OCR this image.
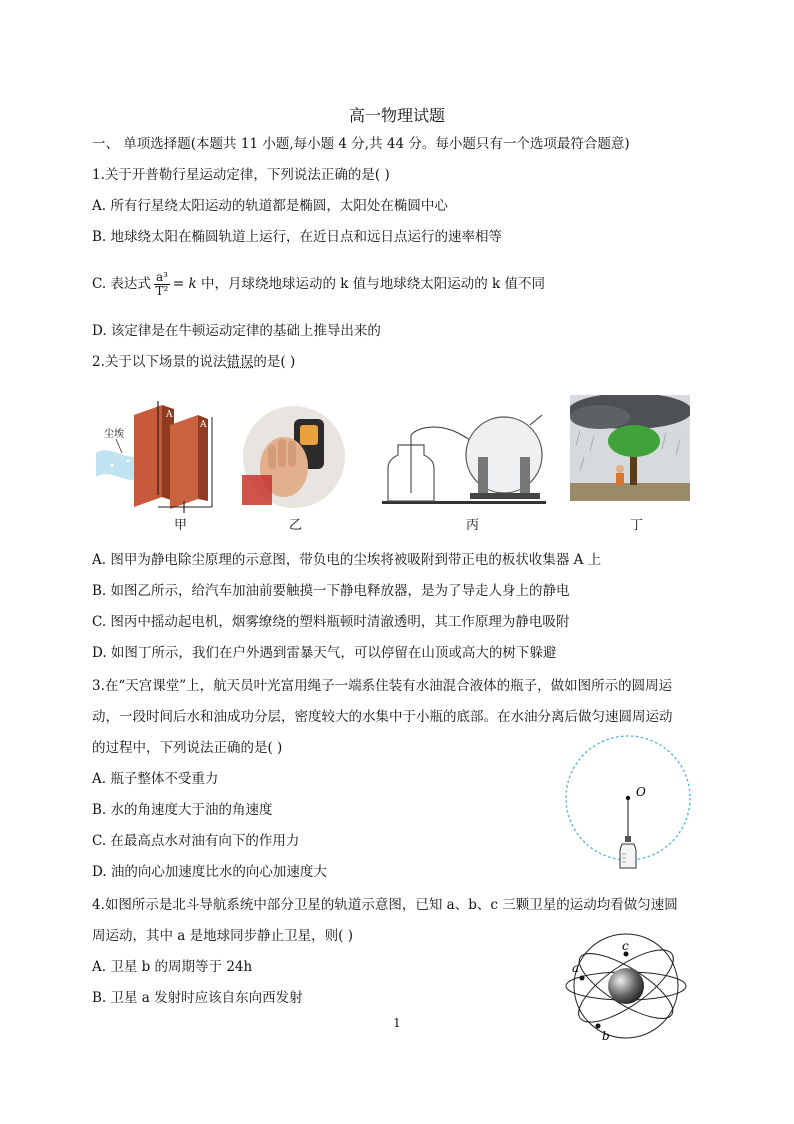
高一物理试题
一、 单项选择题(本题共 11 小题,每小题 4 分,共 44 分。每小题只有一个选项最符合题意)
1.关于开普勒行星运动定律，下列说法正确的是( )
A. 所有行星绕太阳运动的轨道都是椭圆，太阳处在椭圆中心
B. 地球绕太阳在椭圆轨道上运行，在近日点和远日点运行的速率相等
C. 表达式 $\frac{\text{a³}}{\text{T²}} = k$ 中，月球绕地球运动的 k 值与地球绕太阳运动的 k 值不同
D. 该定律是在牛顿运动定律的基础上推导出来的
2.关于以下场景的说法错误的是( )
尘埃
A
A
甲	乙	丙	丁
A. 图甲为静电除尘原理的示意图，带负电的尘埃将被吸附到带正电的板状收集器 A 上
B. 如图乙所示，给汽车加油前要触摸一下静电释放器，是为了导走人身上的静电
C. 图丙中摇动起电机，烟雾缭绕的塑料瓶顿时清澈透明，其工作原理为静电吸附
D. 如图丁所示，我们在户外遇到雷暴天气，可以停留在山顶或高大的树下躲避
3.在“天宫课堂”上，航天员叶光富用绳子一端系住装有水油混合液体的瓶子，做如图所示的圆周运
动，一段时间后水和油成功分层，密度较大的水集中于小瓶的底部。在水油分离后做匀速圆周运动
的过程中，下列说法正确的是( )
A. 瓶子整体不受重力
B. 水的角速度大于油的角速度
C. 在最高点水对油有向下的作用力
D. 油的向心加速度比水的向心加速度大
O
4.如图所示是北斗导航系统中部分卫星的轨道示意图，已知 a、b、c 三颗卫星的运动均看做匀速圆
周运动，其中 a 是地球同步静止卫星，则( )
A. 卫星 b 的周期等于 24h
B. 卫星 a 发射时应该自东向西发射
a
b
c
1
